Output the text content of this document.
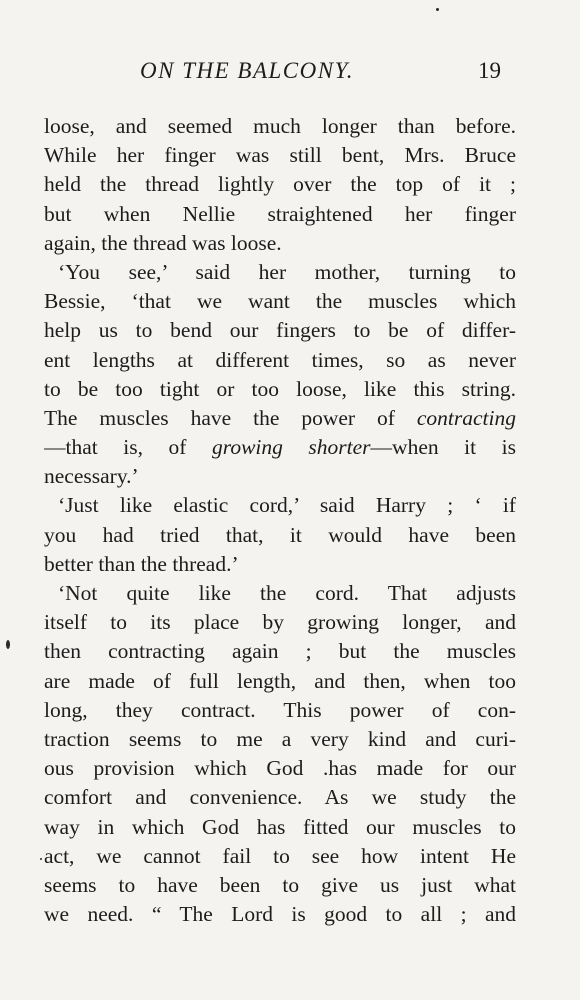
ON THE BALCONY.	19
loose, and seemed much longer than before.
While her finger was still bent, Mrs. Bruce
held the thread lightly over the top of it ;
but when Nellie straightened her finger
again, the thread was loose.
‘You see,’ said her mother, turning to
Bessie, ‘that we want the muscles which
help us to bend our fingers to be of differ-
ent lengths at different times, so as never
to be too tight or too loose, like this string.
The muscles have the power of contracting
—that is, of growing shorter—when it is
necessary.’
‘Just like elastic cord,’ said Harry ; ‘ if
you had tried that, it would have been
better than the thread.’
‘Not quite like the cord. That adjusts
itself to its place by growing longer, and
then contracting again ; but the muscles
are made of full length, and then, when too
long, they contract. This power of con-
traction seems to me a very kind and curi-
ous provision which God .has made for our
comfort and convenience. As we study the
way in which God has fitted our muscles to
act, we cannot fail to see how intent He
seems to have been to give us just what
we need. “ The Lord is good to all ; and
